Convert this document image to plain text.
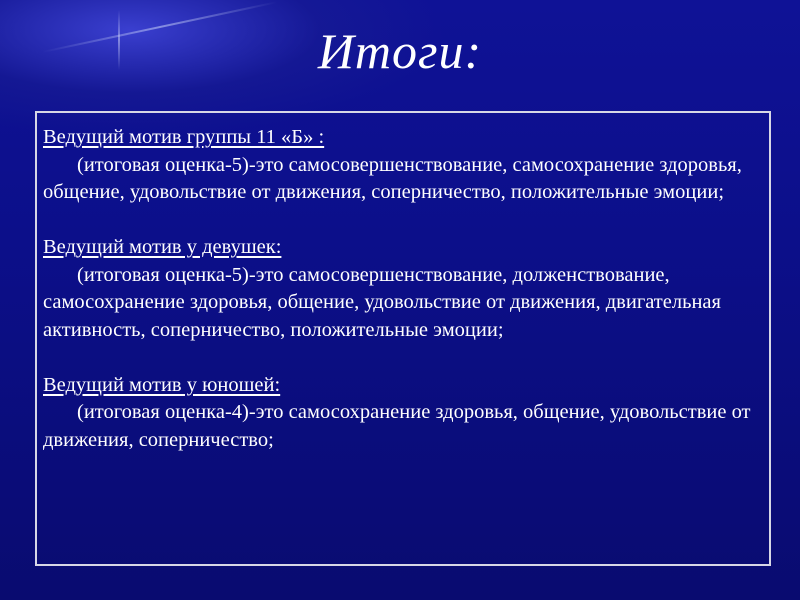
Итоги:
Ведущий мотив группы 11 «Б» :
(итоговая оценка-5)-это самосовершенствование, самосохранение здоровья, общение, удовольствие от движения, соперничество, положительные эмоции;
Ведущий мотив у девушек:
(итоговая оценка-5)-это самосовершенствование, долженствование, самосохранение здоровья, общение, удовольствие от движения, двигательная активность, соперничество, положительные эмоции;
Ведущий мотив у юношей:
(итоговая оценка-4)-это самосохранение здоровья, общение, удовольствие от движения, соперничество;
